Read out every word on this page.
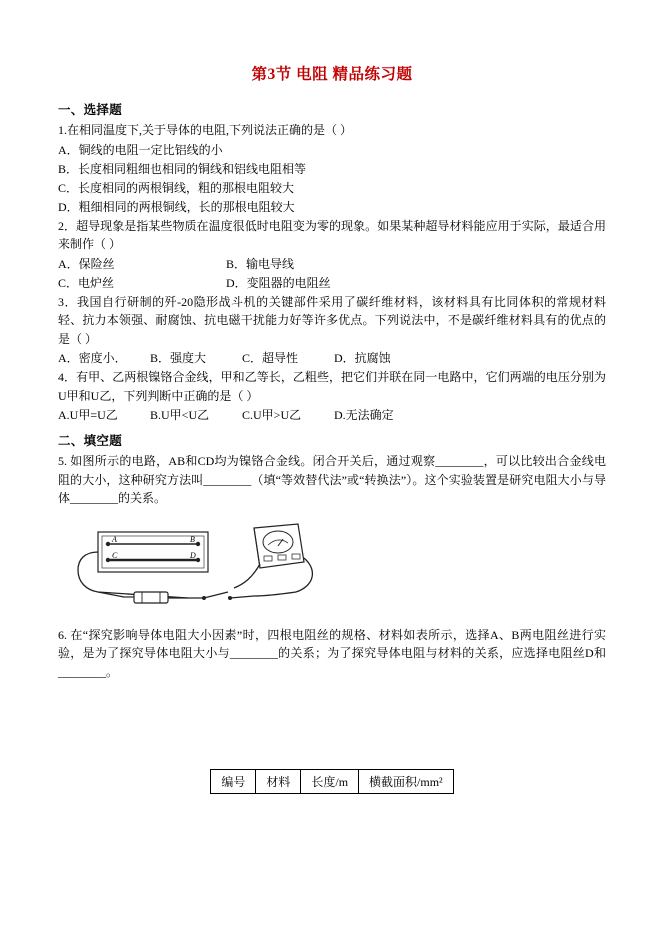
第3节 电阻 精品练习题
一、选择题
1.在相同温度下,关于导体的电阻,下列说法正确的是（ ）
A．铜线的电阻一定比铝线的小
B．长度相同粗细也相同的铜线和铝线电阻相等
C．长度相同的两根铜线，粗的那根电阻较大
D．粗细相同的两根铜线，长的那根电阻较大
2．超导现象是指某些物质在温度很低时电阻变为零的现象。如果某种超导材料能应用于实际，最适合用来制作（ ）
A．保险丝	B．输电导线
C．电炉丝	D．变阻器的电阻丝
3．我国自行研制的歼-20隐形战斗机的关键部件采用了碳纤维材料，该材料具有比同体积的常规材料轻、抗力本领强、耐腐蚀、抗电磁干扰能力好等许多优点。下列说法中，不是碳纤维材料具有的优点的是（ ）
A．密度小．	B．强度大	C．超导性	D．抗腐蚀
4．有甲、乙两根镍铬合金线，甲和乙等长，乙粗些，把它们并联在同一电路中，它们两端的电压分别为U甲和U乙，下列判断中正确的是（ ）
A.U甲=U乙	B.U甲<U乙	C.U甲>U乙	D.无法确定
二、填空题
5. 如图所示的电路，AB和CD均为镍铬合金线。闭合开关后，通过观察________，可以比较出合金线电阻的大小，这种研究方法叫________（填“等效替代法”或“转换法”）。这个实验装置是研究电阻大小与导体________的关系。
A	B
C	D
6. 在“探究影响导体电阻大小因素”时，四根电阻丝的规格、材料如表所示，选择A、B两电阻丝进行实验，是为了探究导体电阻大小与________的关系；为了探究导体电阻与材料的关系，应选择电阻丝D和________。
编号	材料	长度/m	横截面积/mm²
